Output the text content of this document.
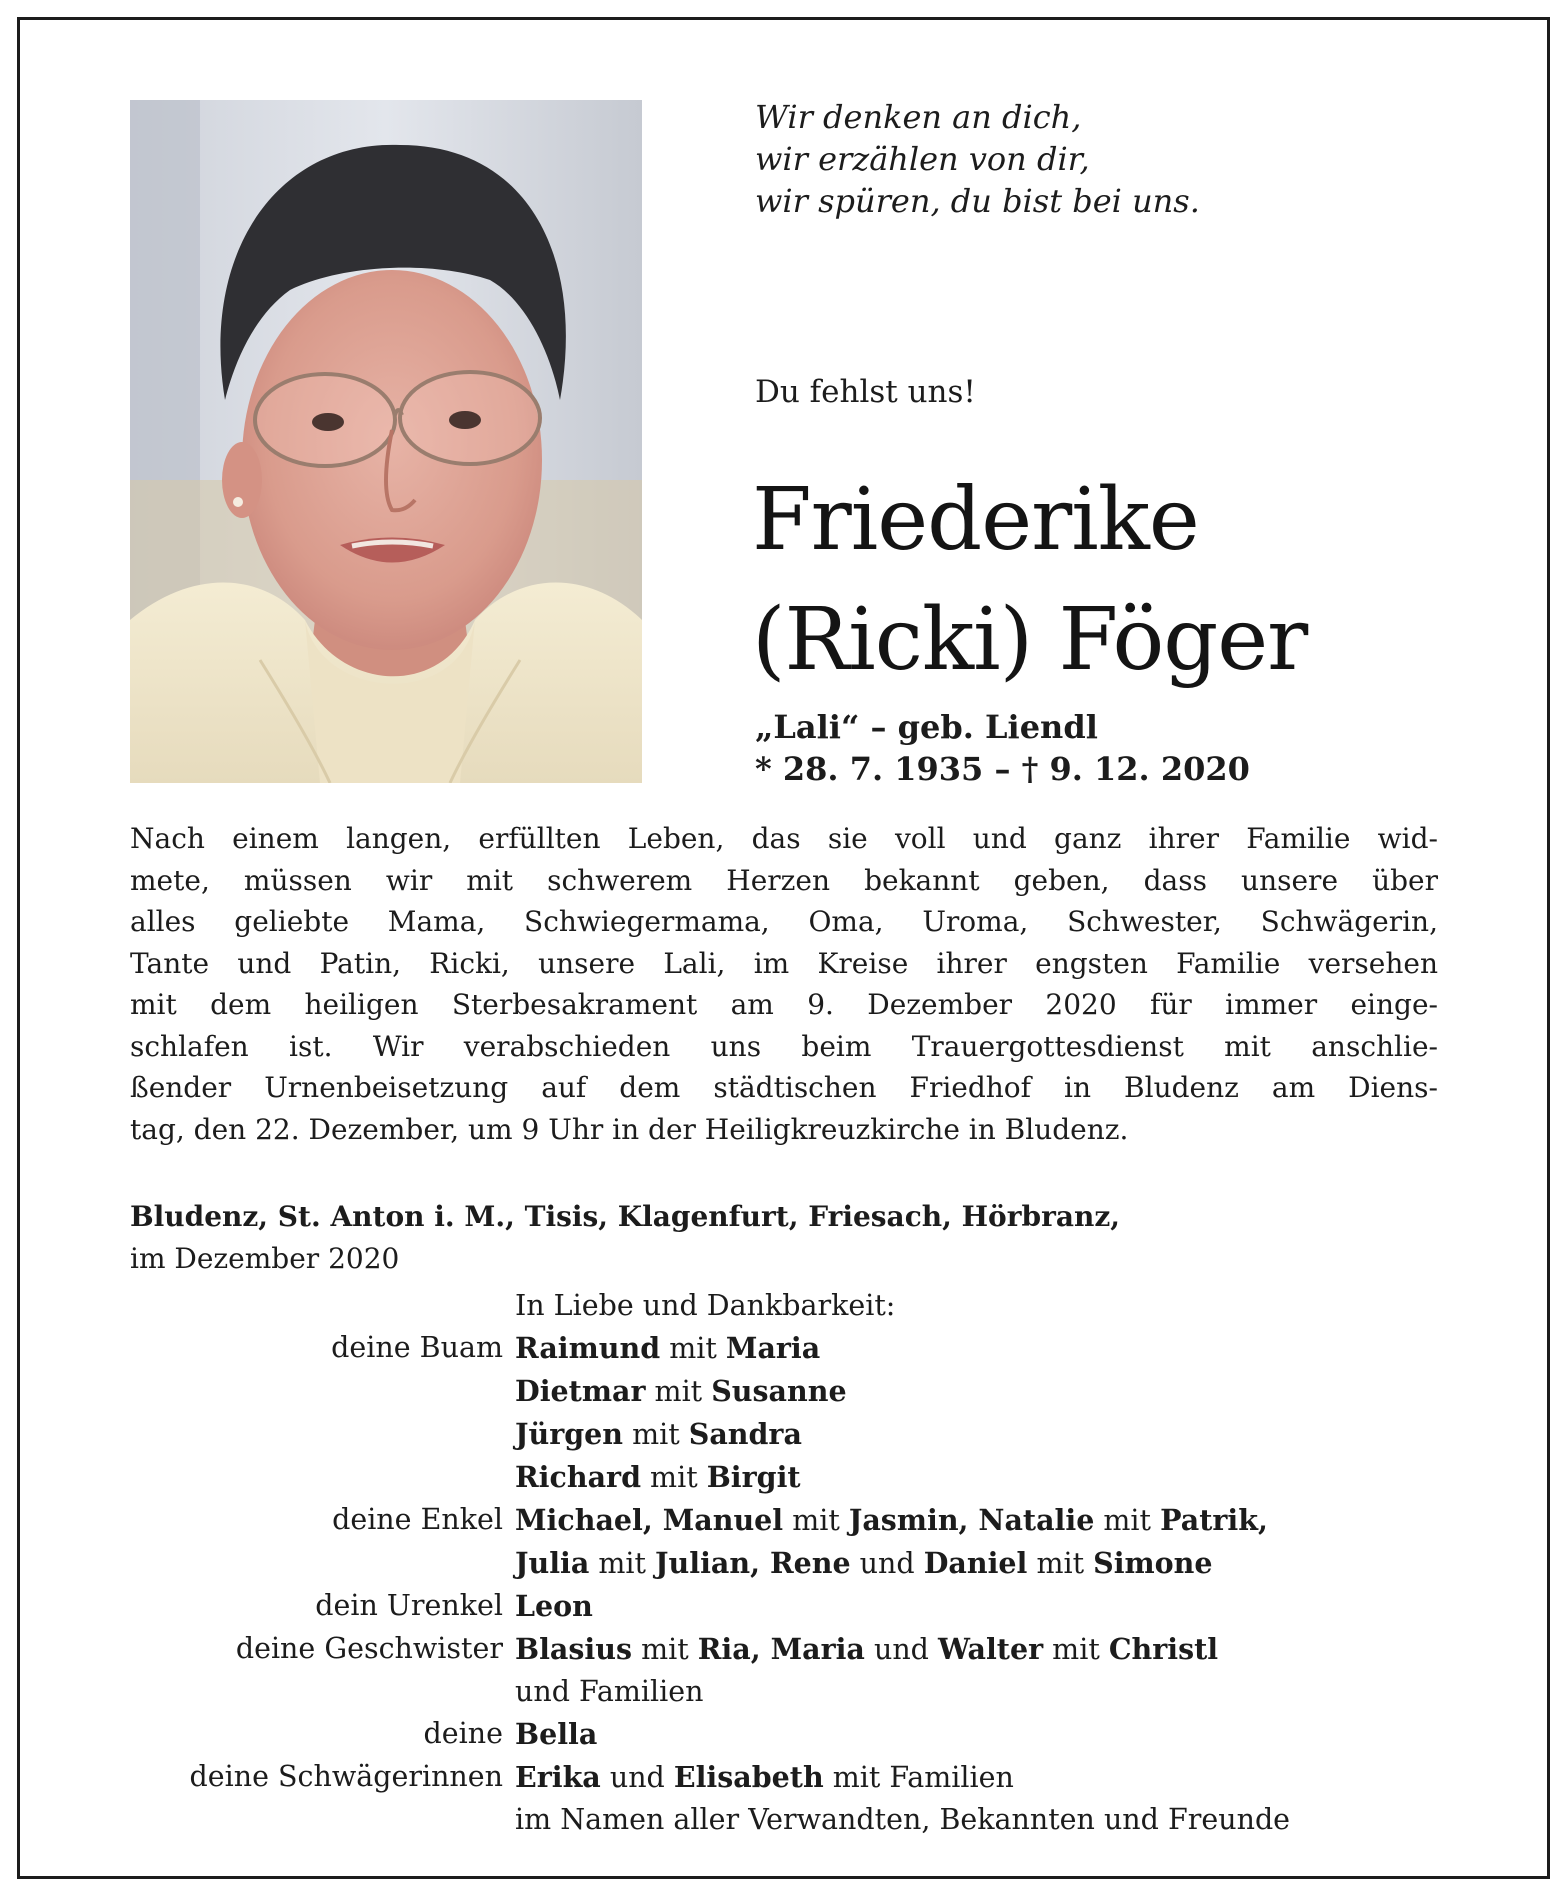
Wir denken an dich,
wir erzählen von dir,
wir spüren, du bist bei uns.
Du fehlst uns!
Friederike
(Ricki) Föger
„Lali“ – geb. Liendl
* 28. 7. 1935 – † 9. 12. 2020
Nach einem langen, erfüllten Leben, das sie voll und ganz ihrer Familie wid-
mete, müssen wir mit schwerem Herzen bekannt geben, dass unsere über
alles geliebte Mama, Schwiegermama, Oma, Uroma, Schwester, Schwägerin,
Tante und Patin, Ricki, unsere Lali, im Kreise ihrer engsten Familie versehen
mit dem heiligen Sterbesakrament am 9. Dezember 2020 für immer einge-
schlafen ist. Wir verabschieden uns beim Trauergottesdienst mit anschlie-
ßender Urnenbeisetzung auf dem städtischen Friedhof in Bludenz am Diens-
tag, den 22. Dezember, um 9 Uhr in der Heiligkreuzkirche in Bludenz.
Bludenz, St. Anton i. M., Tisis, Klagenfurt, Friesach, Hörbranz,
im Dezember 2020
In Liebe und Dankbarkeit:
deine Buam Raimund mit Maria
Dietmar mit Susanne
Jürgen mit Sandra
Richard mit Birgit
deine Enkel Michael, Manuel mit Jasmin, Natalie mit Patrik,
Julia mit Julian, Rene und Daniel mit Simone
dein Urenkel Leon
deine Geschwister Blasius mit Ria, Maria und Walter mit Christl
und Familien
deine Bella
deine Schwägerinnen Erika und Elisabeth mit Familien
im Namen aller Verwandten, Bekannten und Freunde
